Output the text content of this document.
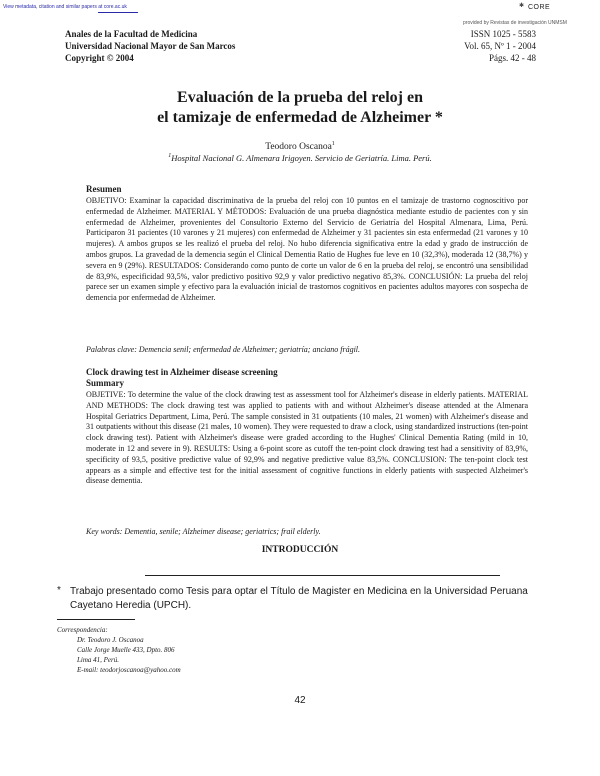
View metadata, citation and similar papers at core.ac.uk	✱ CORE
provided by Revistas de investigación UNMSM
Anales de la Facultad de Medicina
Universidad Nacional Mayor de San Marcos
Copyright © 2004
ISSN 1025 - 5583
Vol. 65, Nº 1 - 2004
Págs. 42 - 48
Evaluación de la prueba del reloj en
el tamizaje de enfermedad de Alzheimer *
Teodoro Oscanoa$^1$
$^1$Hospital Nacional G. Almenara Irigoyen. Servicio de Geriatría. Lima. Perú.
Resumen
OBJETIVO: Examinar la capacidad discriminativa de la prueba del reloj con 10 puntos en el tamizaje de trastorno cognoscitivo por enfermedad de Alzheimer. MATERIAL Y MÉTODOS: Evaluación de una prueba diagnóstica mediante estudio de pacientes con y sin enfermedad de Alzheimer, provenientes del Consultorio Externo del Servicio de Geriatría del Hospital Almenara, Lima, Perú. Participaron 31 pacientes (10 varones y 21 mujeres) con enfermedad de Alzheimer y 31 pacientes sin esta enfermedad (21 varones y 10 mujeres). A ambos grupos se les realizó el prueba del reloj. No hubo diferencia significativa entre la edad y grado de instrucción de ambos grupos. La gravedad de la demencia según el Clinical Dementia Ratio de Hughes fue leve en 10 (32,3%), moderada 12 (38,7%) y severa en 9 (29%). RESULTADOS: Considerando como punto de corte un valor de 6 en la prueba del reloj, se encontró una sensibilidad de 83,9%, especificidad 93,5%, valor predictivo positivo 92,9 y valor predictivo negativo 85,3%. CONCLUSIÓN: La prueba del reloj parece ser un examen simple y efectivo para la evaluación inicial de trastornos cognitivos en pacientes adultos mayores con sospecha de demencia por enfermedad de Alzheimer.
Palabras clave: Demencia senil; enfermedad de Alzheimer; geriatría; anciano frágil.
Clock drawing test in Alzheimer disease screening
Summary
OBJETIVE: To determine the value of the clock drawing test as assessment tool for Alzheimer's disease in elderly patients. MATERIAL AND METHODS: The clock drawing test was applied to patients with and without Alzheimer's disease attended at the Almenara Hospital Geriatrics Department, Lima, Perú. The sample consisted in 31 outpatients (10 males, 21 women) with Alzheimer's disease and 31 outpatients without this disease (21 males, 10 women). They were requested to draw a clock, using standardized instructions (ten-point clock drawing test). Patient with Alzheimer's disease were graded according to the Hughes' Clinical Dementia Rating (mild in 10, moderate in 12 and severe in 9). RESULTS: Using a 6-point score as cutoff the ten-point clock drawing test had a sensitivity of 83,9%, specificity of 93,5, positive predictive value of 92,9% and negative predictive value 83,5%. CONCLUSION: The ten-point clock test appears as a simple and effective test for the initial assessment of cognitive functions in elderly patients with suspected Alzheimer's disease dementia.
Key words: Dementia, senile; Alzheimer disease; geriatrics; frail elderly.
INTRODUCCIÓN
* Trabajo presentado como Tesis para optar el Título de Magister en Medicina en la Universidad Peruana Cayetano Heredia (UPCH).
Correspondencia:
Dr. Teodoro J. Oscanoa
Calle Jorge Muelle 433, Dpto. 806
Lima 41, Perú.
E-mail: teodorjoscanoa@yahoo.com
42
